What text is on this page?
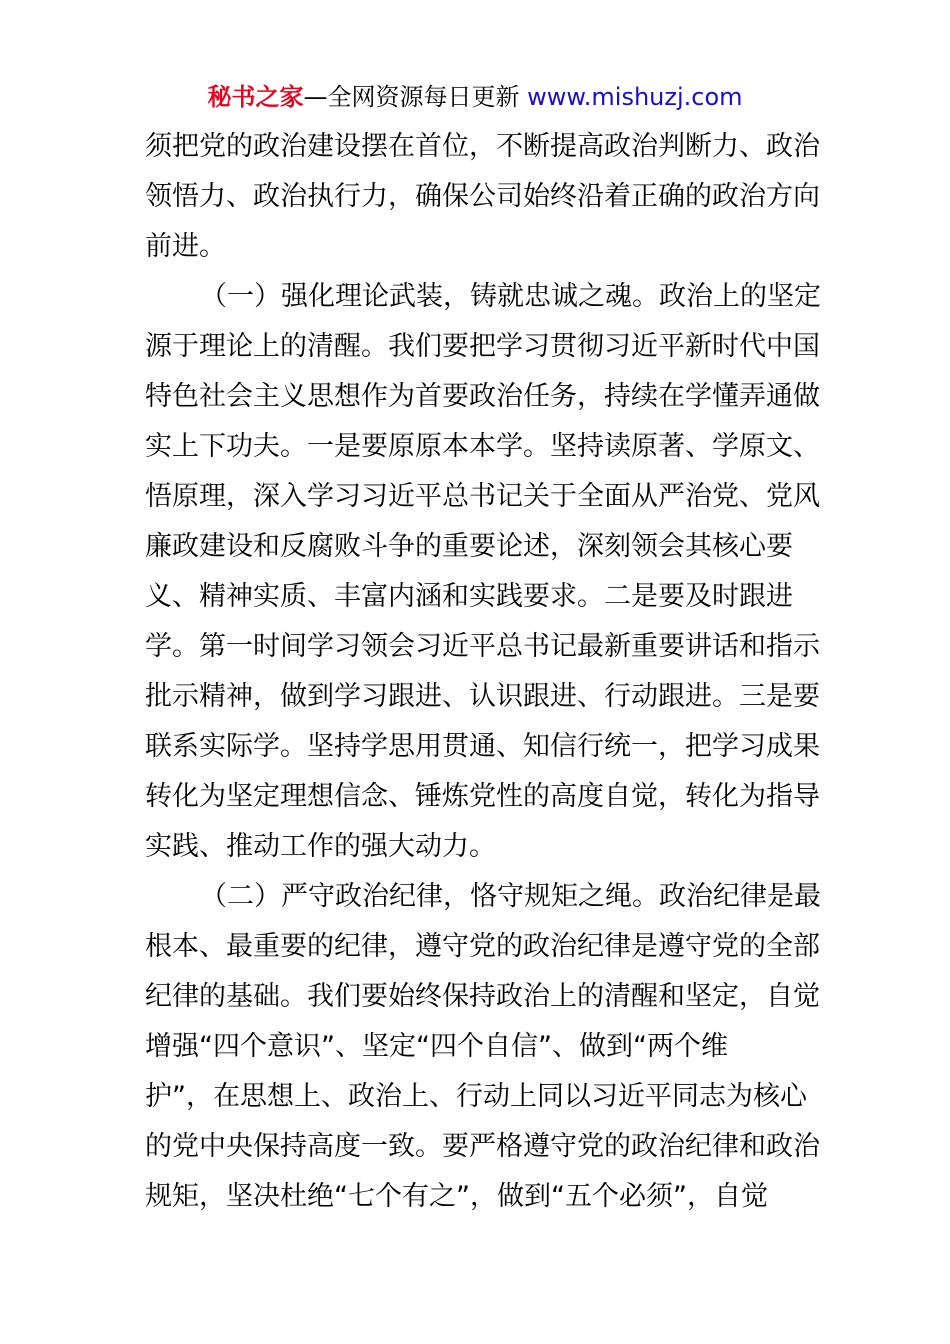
秘书之家—全网资源每日更新 www.mishuzj.com
须把党的政治建设摆在首位，不断提高政治判断力、政治
领悟力、政治执行力，确保公司始终沿着正确的政治方向
前进。
（一）强化理论武装，铸就忠诚之魂。政治上的坚定
源于理论上的清醒。我们要把学习贯彻习近平新时代中国
特色社会主义思想作为首要政治任务，持续在学懂弄通做
实上下功夫。一是要原原本本学。坚持读原著、学原文、
悟原理，深入学习习近平总书记关于全面从严治党、党风
廉政建设和反腐败斗争的重要论述，深刻领会其核心要
义、精神实质、丰富内涵和实践要求。二是要及时跟进
学。第一时间学习领会习近平总书记最新重要讲话和指示
批示精神，做到学习跟进、认识跟进、行动跟进。三是要
联系实际学。坚持学思用贯通、知信行统一，把学习成果
转化为坚定理想信念、锤炼党性的高度自觉，转化为指导
实践、推动工作的强大动力。
（二）严守政治纪律，恪守规矩之绳。政治纪律是最
根本、最重要的纪律，遵守党的政治纪律是遵守党的全部
纪律的基础。我们要始终保持政治上的清醒和坚定，自觉
增强“四个意识”、坚定“四个自信”、做到“两个维
护”，在思想上、政治上、行动上同以习近平同志为核心
的党中央保持高度一致。要严格遵守党的政治纪律和政治
规矩，坚决杜绝“七个有之”，做到“五个必须”，自觉
